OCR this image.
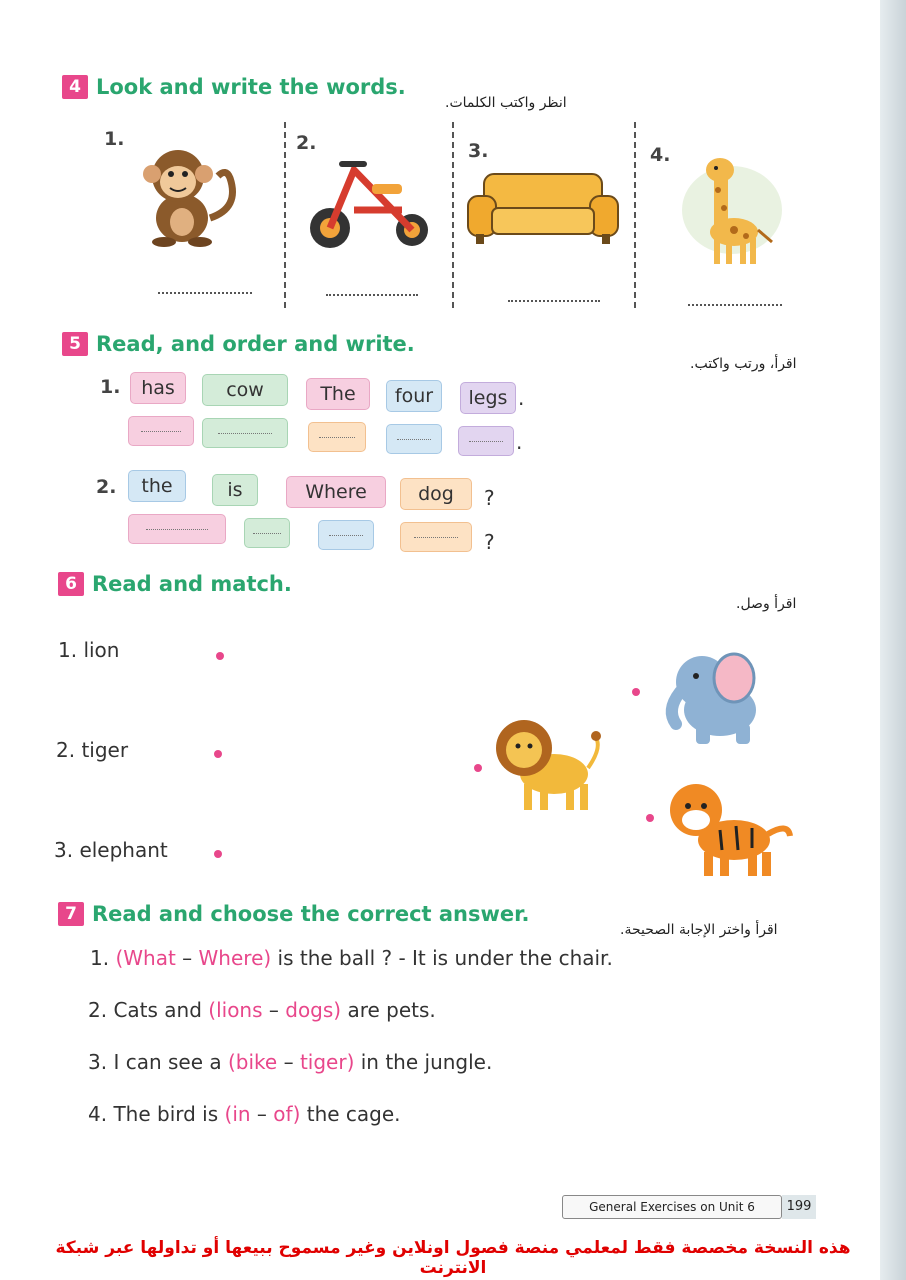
4 Look and write the words.
انظر واكتب الكلمات.
1.	2.	3.	4.
5 Read, and order and write.
اقرأ، ورتب واكتب.
1.	has	cow	The	four	legs .
.
2.	the	is	Where	dog	?
?
6 Read and match.
اقرأ وصل.
1. lion
2. tiger
3. elephant
7 Read and choose the correct answer.
اقرأ واختر الإجابة الصحيحة.
1. (What – Where) is the ball ? - It is under the chair.
2. Cats and (lions – dogs) are pets.
3. I can see a (bike – tiger) in the jungle.
4. The bird is (in – of) the cage.
General Exercises on Unit 6	199
هذه النسخة مخصصة فقط لمعلمي منصة فصول اونلاين وغير مسموح ببيعها أو تداولها عبر شبكة الانترنت
